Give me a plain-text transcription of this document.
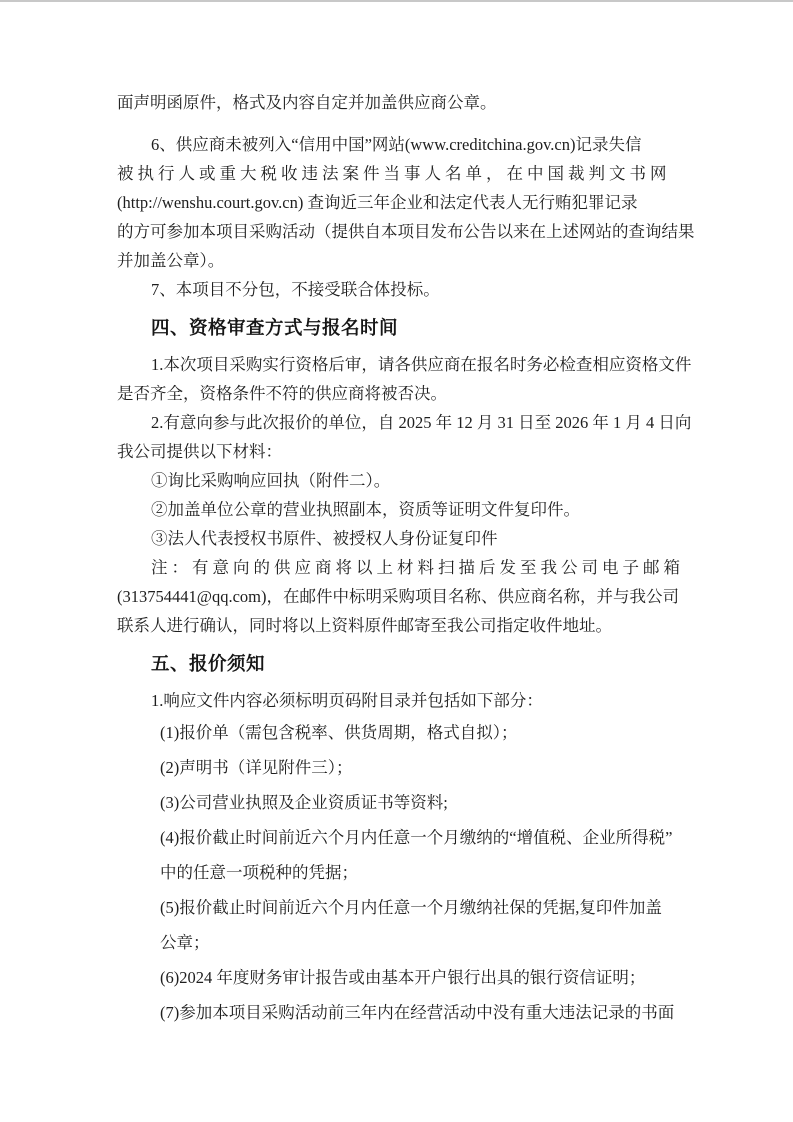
面声明函原件，格式及内容自定并加盖供应商公章。
6、供应商未被列入“信用中国”网站(www.creditchina.gov.cn)记录失信
被执行人或重大税收违法案件当事人名单，在中国裁判文书网
(http://wenshu.court.gov.cn) 查询近三年企业和法定代表人无行贿犯罪记录
的方可参加本项目采购活动（提供自本项目发布公告以来在上述网站的查询结果
并加盖公章）。
7、本项目不分包，不接受联合体投标。
四、资格审查方式与报名时间
1.本次项目采购实行资格后审，请各供应商在报名时务必检查相应资格文件
是否齐全，资格条件不符的供应商将被否决。
2.有意向参与此次报价的单位，自 2025 年 12 月 31 日至 2026 年 1 月 4 日向
我公司提供以下材料：
①询比采购响应回执（附件二）。
②加盖单位公章的营业执照副本，资质等证明文件复印件。
③法人代表授权书原件、被授权人身份证复印件
注：有意向的供应商将以上材料扫描后发至我公司电子邮箱
(313754441@qq.com)，在邮件中标明采购项目名称、供应商名称，并与我公司
联系人进行确认，同时将以上资料原件邮寄至我公司指定收件地址。
五、报价须知
1.响应文件内容必须标明页码附目录并包括如下部分：
(1)报价单（需包含税率、供货周期，格式自拟）；
(2)声明书（详见附件三）；
(3)公司营业执照及企业资质证书等资料;
(4)报价截止时间前近六个月内任意一个月缴纳的“增值税、企业所得税”
中的任意一项税种的凭据；
(5)报价截止时间前近六个月内任意一个月缴纳社保的凭据,复印件加盖
公章；
(6)2024 年度财务审计报告或由基本开户银行出具的银行资信证明；
(7)参加本项目采购活动前三年内在经营活动中没有重大违法记录的书面
